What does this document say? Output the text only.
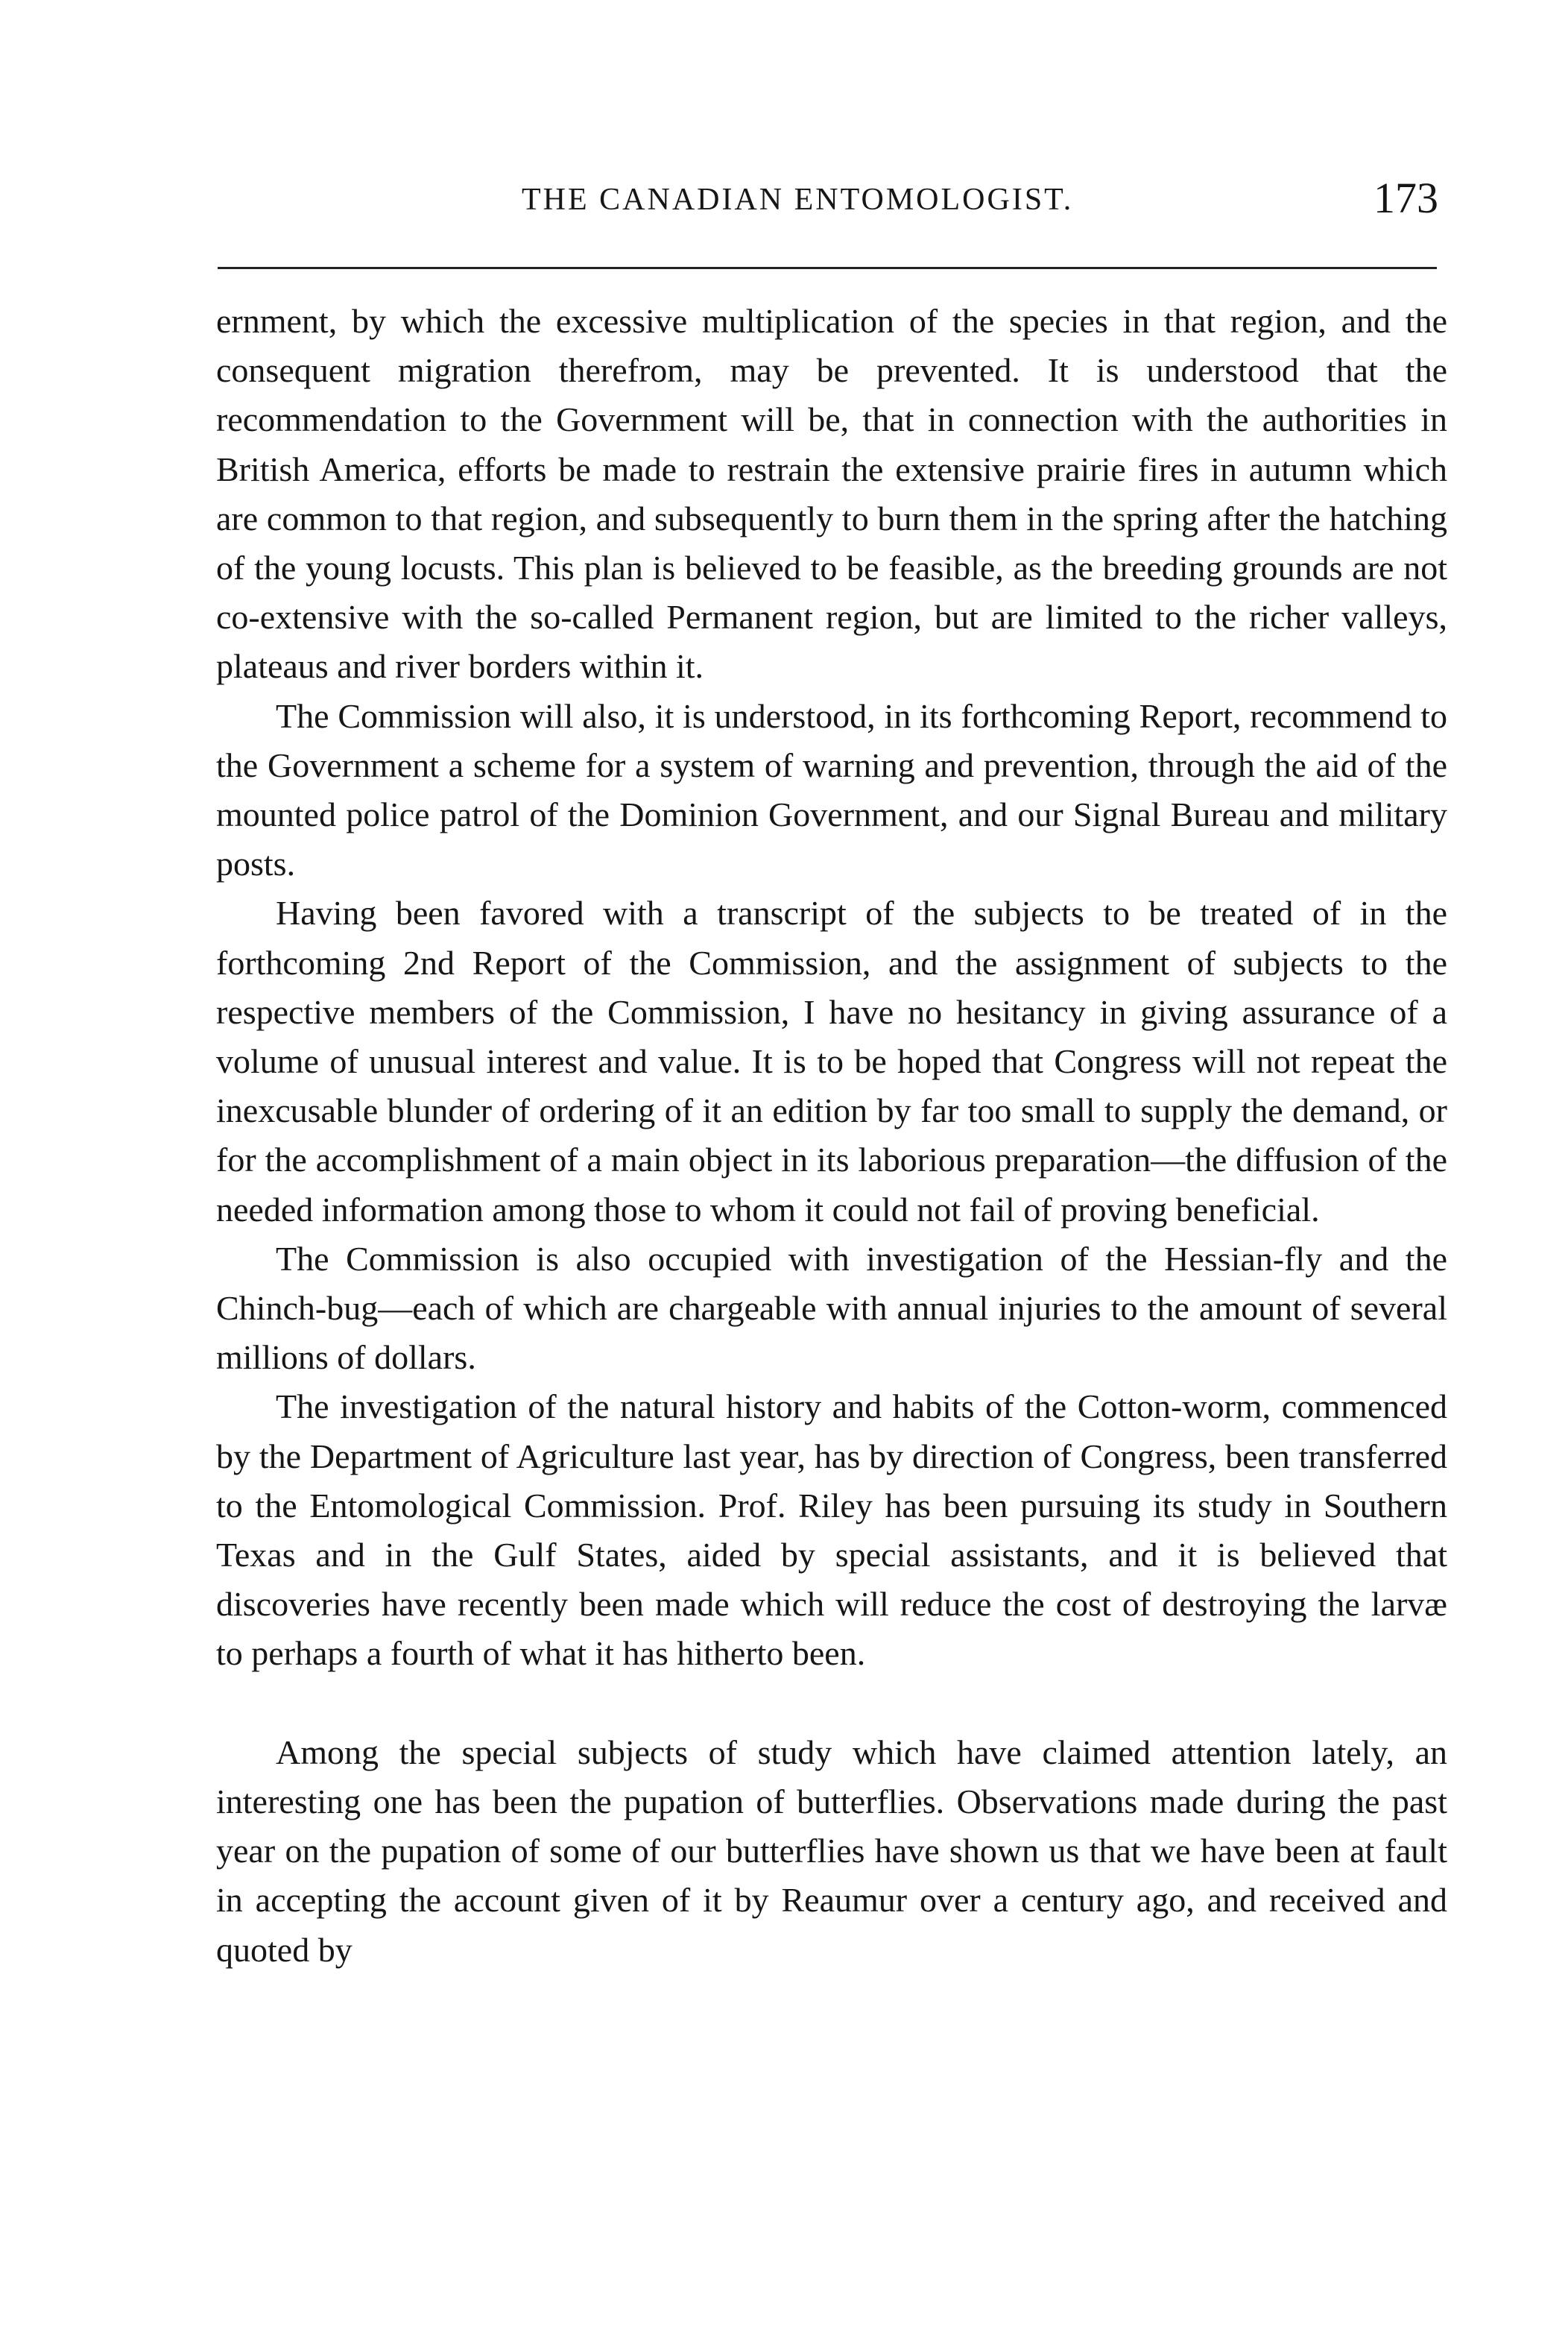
THE CANADIAN ENTOMOLOGIST.	173

ernment, by which the excessive multiplication of the species in that region, and the consequent migration therefrom, may be prevented. It is understood that the recommendation to the Government will be, that in connection with the authorities in British America, efforts be made to restrain the extensive prairie fires in autumn which are common to that region, and subsequently to burn them in the spring after the hatching of the young locusts. This plan is believed to be feasible, as the breeding grounds are not co-extensive with the so-called Permanent region, but are limited to the richer valleys, plateaus and river borders within it.

The Commission will also, it is understood, in its forthcoming Report, recommend to the Government a scheme for a system of warning and prevention, through the aid of the mounted police patrol of the Dominion Government, and our Signal Bureau and military posts.

Having been favored with a transcript of the subjects to be treated of in the forthcoming 2nd Report of the Commission, and the assignment of subjects to the respective members of the Commission, I have no hesitancy in giving assurance of a volume of unusual interest and value. It is to be hoped that Congress will not repeat the inexcusable blunder of ordering of it an edition by far too small to supply the demand, or for the accomplishment of a main object in its laborious preparation—the diffusion of the needed information among those to whom it could not fail of proving beneficial.

The Commission is also occupied with investigation of the Hessian-fly and the Chinch-bug—each of which are chargeable with annual injuries to the amount of several millions of dollars.

The investigation of the natural history and habits of the Cotton-worm, commenced by the Department of Agriculture last year, has by direction of Congress, been transferred to the Entomological Commission. Prof. Riley has been pursuing its study in Southern Texas and in the Gulf States, aided by special assistants, and it is believed that discoveries have recently been made which will reduce the cost of destroying the larvæ to perhaps a fourth of what it has hitherto been.

Among the special subjects of study which have claimed attention lately, an interesting one has been the pupation of butterflies. Observations made during the past year on the pupation of some of our butterflies have shown us that we have been at fault in accepting the account given of it by Reaumur over a century ago, and received and quoted by
